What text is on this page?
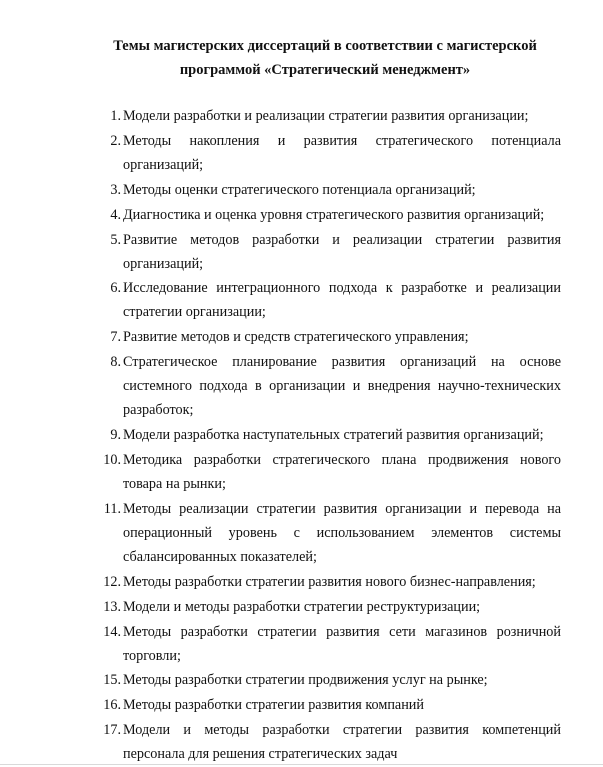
Темы магистерских диссертаций в соответствии с магистерской
программой «Стратегический менеджмент»
1. Модели разработки и реализации стратегии развития организации;
2. Методы накопления и развития стратегического потенциала организаций;
3. Методы оценки стратегического потенциала организаций;
4. Диагностика и оценка уровня стратегического развития организаций;
5. Развитие методов разработки и реализации стратегии развития организаций;
6. Исследование интеграционного подхода к разработке и реализации стратегии организации;
7. Развитие методов и средств стратегического управления;
8. Стратегическое планирование развития организаций на основе системного подхода в организации и внедрения научно-технических разработок;
9. Модели разработка наступательных стратегий развития организаций;
10. Методика разработки стратегического плана продвижения нового товара на рынки;
11. Методы реализации стратегии развития организации и перевода на операционный уровень с использованием элементов системы сбалансированных показателей;
12. Методы разработки стратегии развития нового бизнес-направления;
13. Модели и методы разработки стратегии реструктуризации;
14. Методы разработки стратегии развития сети магазинов розничной торговли;
15. Методы разработки стратегии продвижения услуг на рынке;
16. Методы разработки стратегии развития компаний
17. Модели и методы разработки стратегии развития компетенций персонала для решения стратегических задач
